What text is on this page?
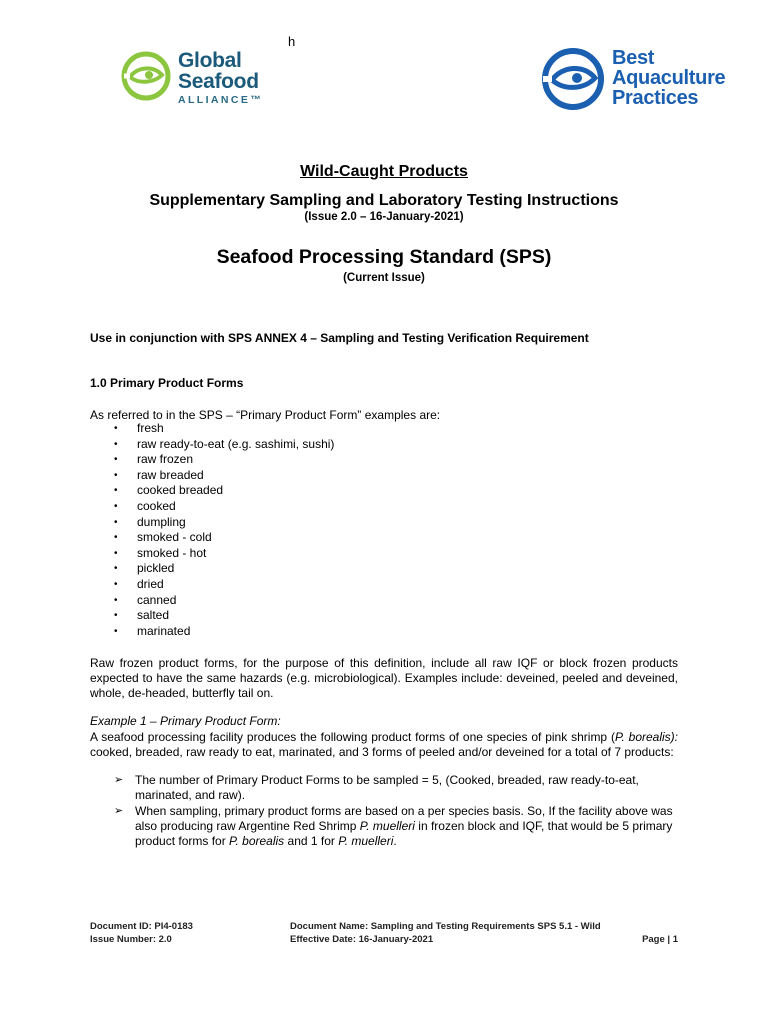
h
Global
Seafood
ALLIANCE™
Best
Aquaculture
Practices
Wild-Caught Products
Supplementary Sampling and Laboratory Testing Instructions
(Issue 2.0 – 16-January-2021)
Seafood Processing Standard (SPS)
(Current Issue)
Use in conjunction with SPS ANNEX 4 – Sampling and Testing Verification Requirement
1.0 Primary Product Forms
As referred to in the SPS – “Primary Product Form” examples are:
• fresh
• raw ready-to-eat (e.g. sashimi, sushi)
• raw frozen
• raw breaded
• cooked breaded
• cooked
• dumpling
• smoked - cold
• smoked - hot
• pickled
• dried
• canned
• salted
• marinated
Raw frozen product forms, for the purpose of this definition, include all raw IQF or block frozen products expected to have the same hazards (e.g. microbiological). Examples include: deveined, peeled and deveined, whole, de-headed, butterfly tail on.
Example 1 – Primary Product Form:
A seafood processing facility produces the following product forms of one species of pink shrimp (P. borealis): cooked, breaded, raw ready to eat, marinated, and 3 forms of peeled and/or deveined for a total of 7 products:
➢ The number of Primary Product Forms to be sampled = 5, (Cooked, breaded, raw ready-to-eat, marinated, and raw).
➢ When sampling, primary product forms are based on a per species basis. So, If the facility above was also producing raw Argentine Red Shrimp P. muelleri in frozen block and IQF, that would be 5 primary product forms for P. borealis and 1 for P. muelleri.
Document ID: PI4-0183
Issue Number: 2.0
Document Name: Sampling and Testing Requirements SPS 5.1 - Wild
Effective Date: 16-January-2021	Page | 1
